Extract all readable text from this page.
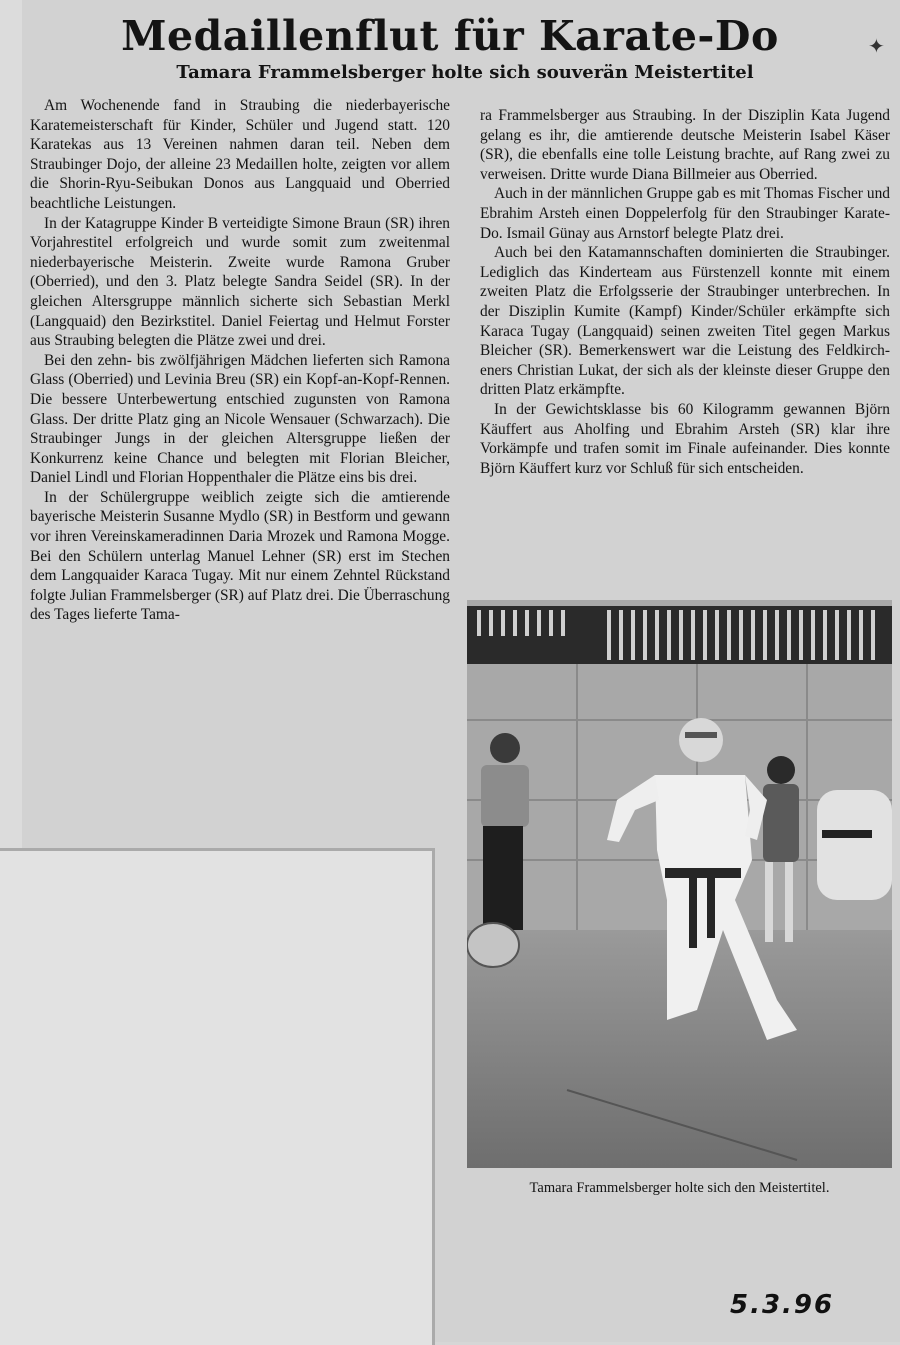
✦
Medaillenflut für Karate-Do
Tamara Frammelsberger holte sich souverän Meistertitel

Am Wochenende fand in Straubing die niederbayerische Karatemeisterschaft für Kinder, Schüler und Jugend statt. 120 Karatekas aus 13 Vereinen nahmen daran teil. Neben dem Straubinger Dojo, der alleine 23 Medaillen holte, zeigten vor allem die Shorin-Ryu-Seibukan Donos aus Langquaid und Oberried beachtliche Leistungen.

In der Katagruppe Kinder B verteidigte Simone Braun (SR) ihren Vorjahrestitel erfolgreich und wurde somit zum zweitenmal niederbayerische Meisterin. Zweite wurde Ramona Gruber (Oberried), und den 3. Platz belegte Sandra Seidel (SR). In der gleichen Altersgruppe männlich sicherte sich Sebastian Merkl (Langquaid) den Bezirkstitel. Daniel Feiertag und Helmut Forster aus Straubing belegten die Plätze zwei und drei.

Bei den zehn- bis zwölfjährigen Mädchen lieferten sich Ramona Glass (Oberried) und Levinia Breu (SR) ein Kopf-an-Kopf-Rennen. Die bessere Unterbewertung entschied zugunsten von Ramona Glass. Der dritte Platz ging an Nicole Wensauer (Schwarzach). Die Straubinger Jungs in der gleichen Altersgruppe ließen der Konkurrenz keine Chance und belegten mit Florian Bleicher, Daniel Lindl und Florian Hoppenthaler die Plätze eins bis drei.

In der Schülergruppe weiblich zeigte sich die amtierende bayerische Meisterin Susanne Mydlo (SR) in Bestform und gewann vor ihren Vereinskameradinnen Daria Mrozek und Ramona Mogge. Bei den Schülern unterlag Manuel Lehner (SR) erst im Stechen dem Langquaider Karaca Tugay. Mit nur einem Zehntel Rückstand folgte Julian Frammelsberger (SR) auf Platz drei. Die Überraschung des Tages lieferte Tama-

ra Frammelsberger aus Straubing. In der Disziplin Kata Jugend gelang es ihr, die amtierende deutsche Meisterin Isabel Käser (SR), die ebenfalls eine tolle Leistung brachte, auf Rang zwei zu verweisen. Dritte wurde Diana Billmeier aus Oberried.

Auch in der männlichen Gruppe gab es mit Thomas Fischer und Ebrahim Arsteh einen Doppelerfolg für den Straubinger Karate-Do. Ismail Günay aus Arnstorf belegte Platz drei.

Auch bei den Katamannschaften dominierten die Straubinger. Lediglich das Kinderteam aus Fürstenzell konnte mit einem zweiten Platz die Erfolgsserie der Straubinger unterbrechen. In der Disziplin Kumite (Kampf) Kinder/Schüler erkämpfte sich Karaca Tugay (Langquaid) seinen zweiten Titel gegen Markus Bleicher (SR). Bemerkenswert war die Leistung des Feldkircheners Christian Lukat, der sich als der kleinste dieser Gruppe den dritten Platz erkämpfte.

In der Gewichtsklasse bis 60 Kilogramm gewannen Björn Käuffert aus Aholfing und Ebrahim Arsteh (SR) klar ihre Vorkämpfe und trafen somit im Finale aufeinander. Dies konnte Björn Käuffert kurz vor Schluß für sich entscheiden.

Tamara Frammelsberger holte sich den Meistertitel.

5.3.96
